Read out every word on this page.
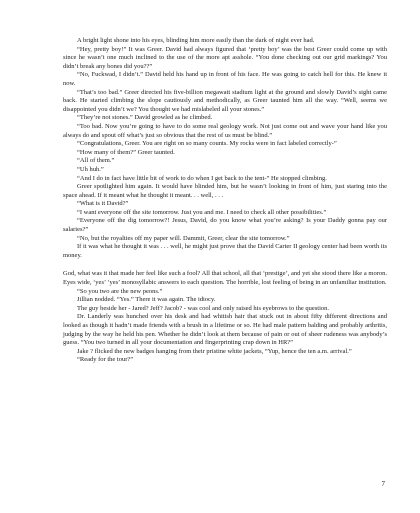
A bright light shone into his eyes, blinding him more easily than the dark of night ever had.

“Hey, pretty boy!” It was Greer. David had always figured that ‘pretty boy’ was the best Greer could come up with since he wasn’t one much inclined to the use of the more apt asshole. “You done checking out our grid markings? You didn’t break any bones did you??”

“No, Fuckwad, I didn’t.” David held his hand up in front of his face. He was going to catch hell for this. He knew it now.

“That’s too bad.” Greer directed his five-billion megawatt stadium light at the ground and slowly David’s sight came back. He started climbing the slope cautiously and methodically, as Greer taunted him all the way. “Well, seems we disappointed you didn’t we? You thought we had mislabeled all your stones.”

“They’re not stones.” David growled as he climbed.

“Too bad. Now you’re going to have to do some real geology work. Not just come out and wave your hand like you always do and spout off what’s just so obvious that the rest of us must be blind.”

“Congratulations, Greer. You are right on so many counts. My rocks were in fact labeled correctly-”

“How many of them?” Greer taunted.

“All of them.”

“Uh huh.”

“And I do in fact have little bit of work to do when I get back to the tent-” He stopped climbing.

Greer spotlighted him again. It would have blinded him, but he wasn’t looking in front of him, just staring into the space ahead. If it meant what he thought it meant. . . well, . . .

“What is it David?”

“I want everyone off the site tomorrow. Just you and me. I need to check all other possibilities.”

“Everyone off the dig tomorrow?! Jesus, David, do you know what you’re asking? Is your Daddy gonna pay our salaries?”

“No, but the royalties off my paper will. Dammit, Greer, clear the site tomorrow.”

If it was what he thought it was . . . well, he might just prove that the David Carter II geology center had been worth its money.

God, what was it that made her feel like such a fool? All that school, all that ‘prestige’, and yet she stood there like a moron. Eyes wide, ‘yes’ ‘yes’ monosyllabic answers to each question. The horrible, lost feeling of being in an unfamiliar institution.

“So you two are the new peons.”

Jillian nodded. “Yes.” There it was again. The idiocy.

The guy beside her - Jared? Jeff? Jacob? - was cool and only raised his eyebrows to the question.

Dr. Landerly was hunched over his desk and had whitish hair that stuck out in about fifty different directions and looked as though it hadn’t made friends with a brush in a lifetime or so. He had male pattern balding and probably arthritis, judging by the way he held his pen. Whether he didn’t look at them because of pain or out of sheer rudeness was anybody’s guess. “You two turned in all your documentation and fingerprinting crap down in HR?”

Jake ? flicked the new badges hanging from their pristine white jackets, “Yup, hence the ten a.m. arrival.”

“Ready for the tour?”

7
